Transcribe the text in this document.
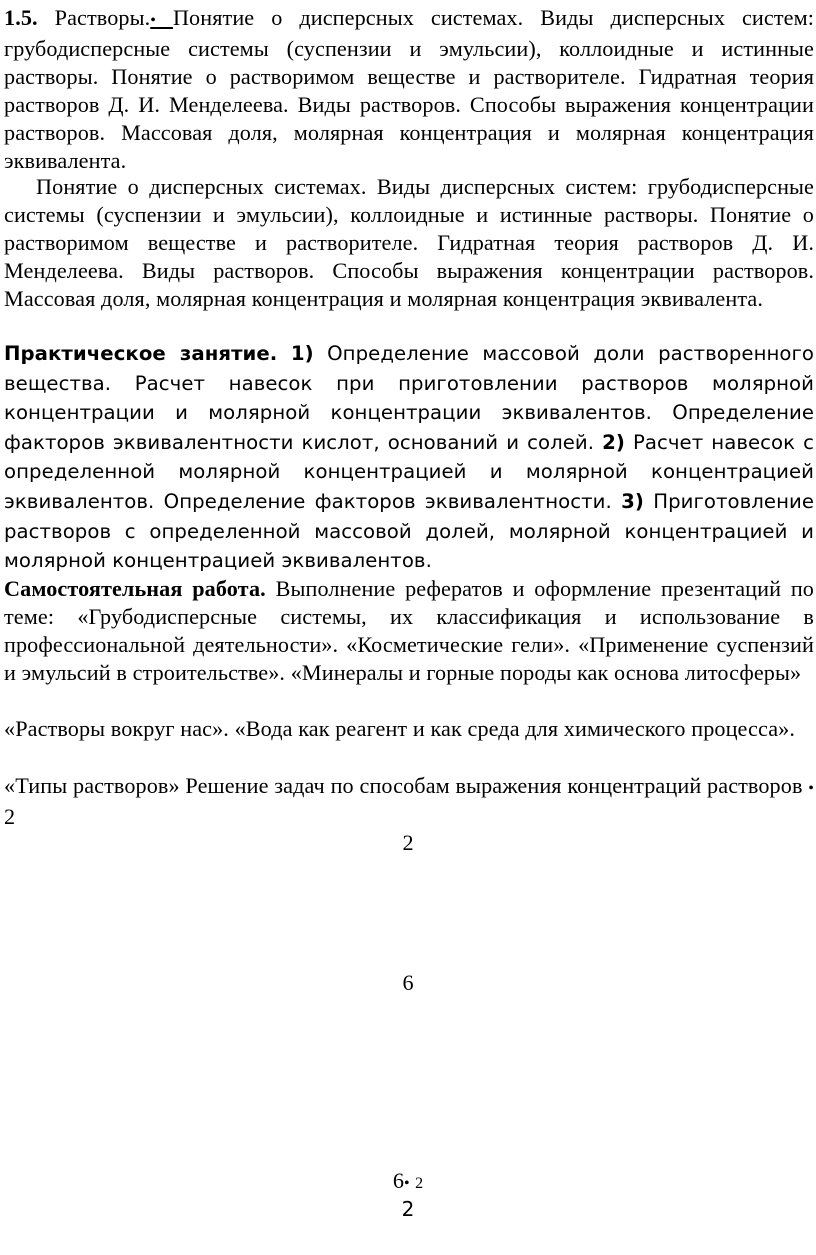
1.5. Растворы.• Понятие о дисперсных системах. Виды дисперсных систем: грубодисперсные системы (суспензии и эмульсии), коллоидные и истинные растворы. Понятие о растворимом веществе и растворителе. Гидратная теория растворов Д. И. Менделеева. Виды растворов. Способы выражения концентрации растворов. Массовая доля, молярная концентрация и молярная концентрация эквивалента.

Понятие о дисперсных системах. Виды дисперсных систем: грубодисперсные системы (суспензии и эмульсии), коллоидные и истинные растворы. Понятие о растворимом веществе и растворителе. Гидратная теория растворов Д. И. Менделеева. Виды растворов. Способы выражения концентрации растворов. Массовая доля, молярная концентрация и молярная концентрация эквивалента.

Практическое занятие. 1) Определение массовой доли растворенного вещества. Расчет навесок при приготовлении растворов молярной концентрации и молярной концентрации эквивалентов. Определение факторов эквивалентности кислот, оснований и солей. 2) Расчет навесок с определенной молярной концентрацией и молярной концентрацией эквивалентов. Определение факторов эквивалентности. 3) Приготовление растворов с определенной массовой долей, молярной концентрацией и молярной концентрацией эквивалентов.

Самостоятельная работа. Выполнение рефератов и оформление презентаций по теме: «Грубодисперсные системы, их классификация и использование в профессиональной деятельности». «Косметические гели». «Применение суспензий и эмульсий в строительстве». «Минералы и горные породы как основа литосферы»

«Растворы вокруг нас». «Вода как реагент и как среда для химического процесса».

«Типы растворов» Решение задач по способам выражения концентраций растворов • 2

2
6
6• 2
2
